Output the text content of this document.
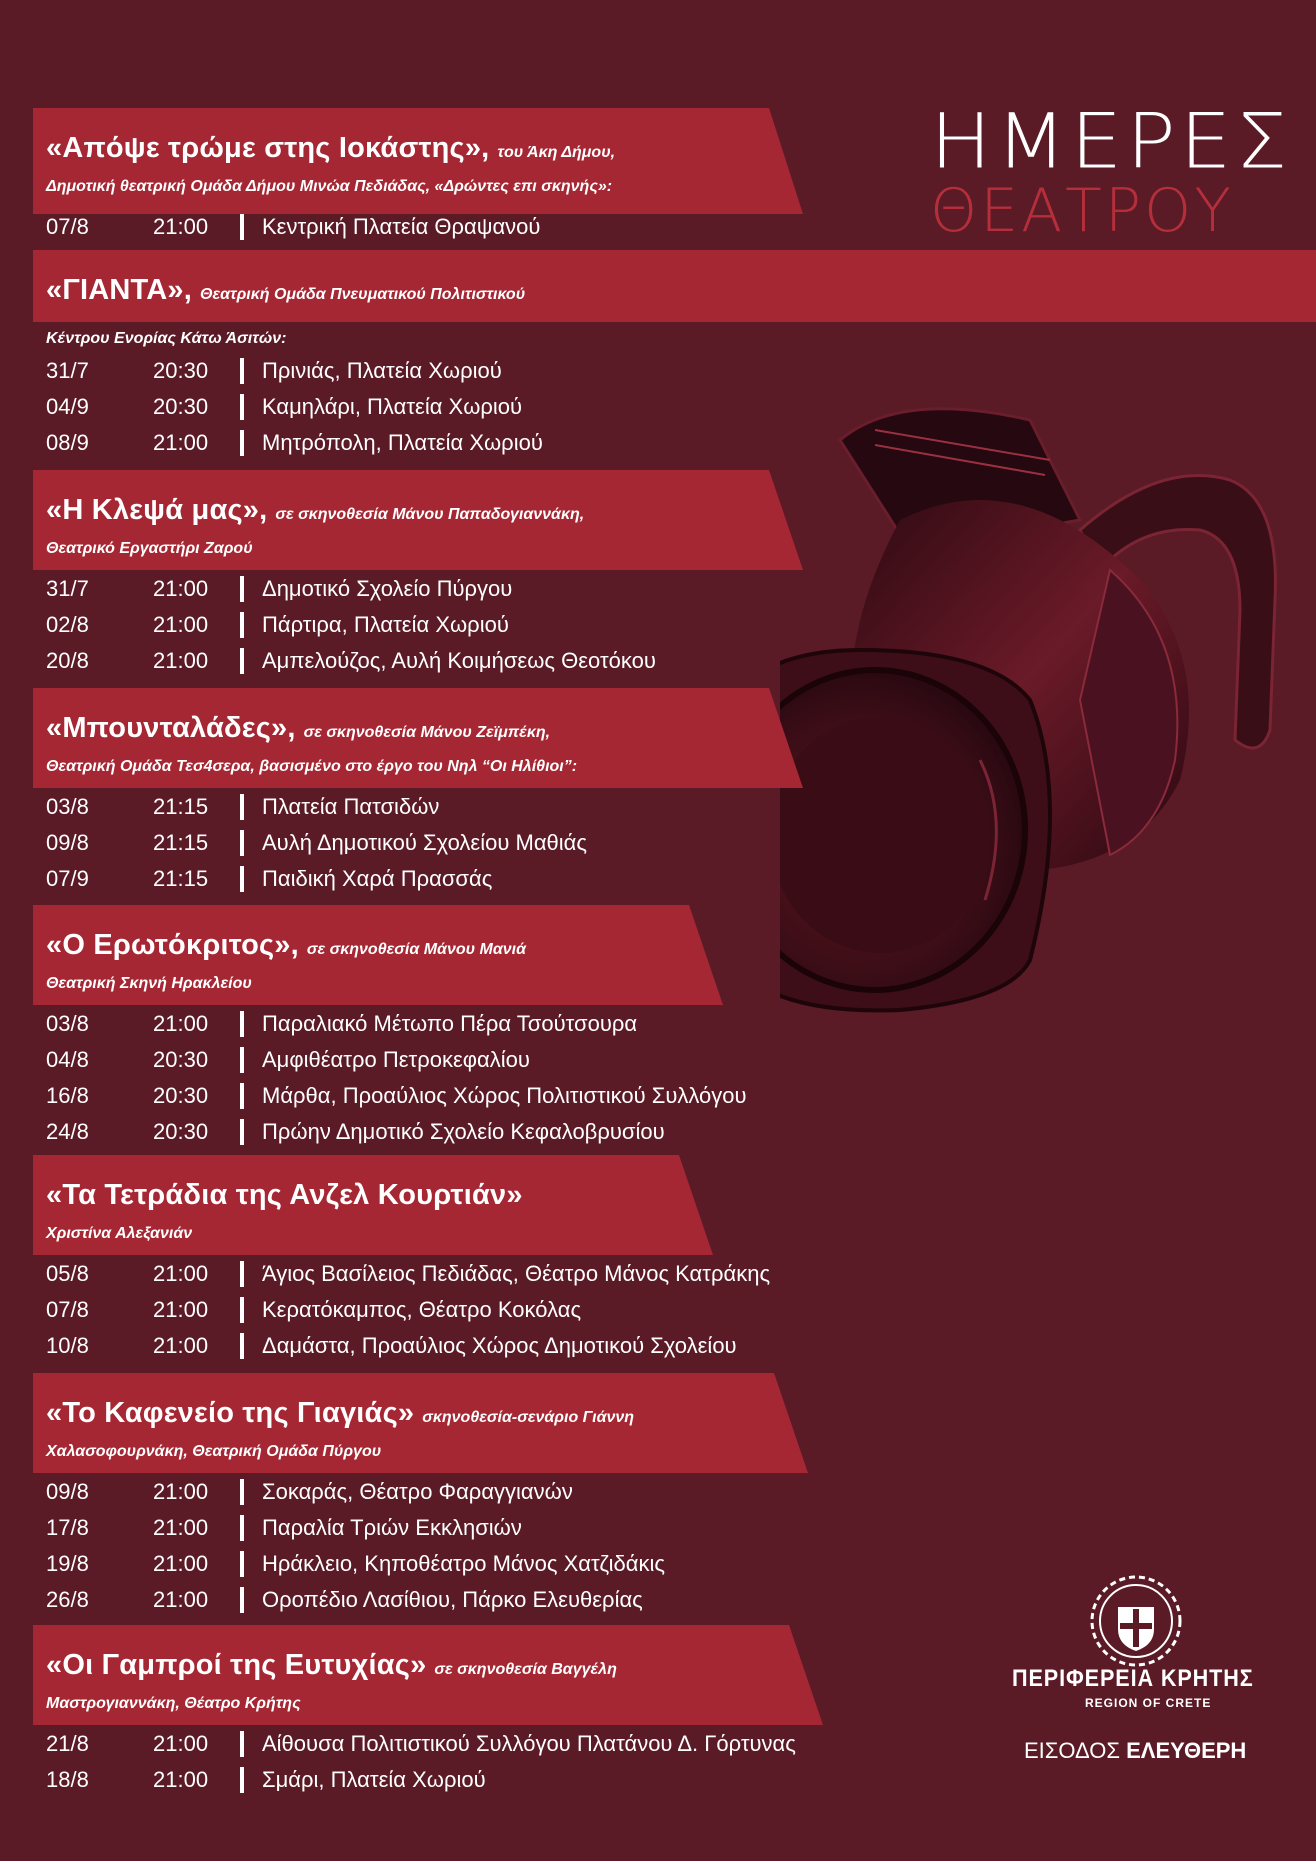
ΗΜΕΡΕΣ
ΘΕΑΤΡΟΥ
«Απόψε τρώμε στης Ιοκάστης», του Άκη Δήμου,
Δημοτική θεατρική Ομάδα Δήμου Μινώα Πεδιάδας, «Δρώντες επι σκηνής»:
07/8	21:00 Κεντρική Πλατεία Θραψανού
«ΓΙΑΝΤΑ», Θεατρική Ομάδα Πνευματικού Πολιτιστικού
Κέντρου Ενορίας Κάτω Άσιτών:
31/7	20:30 Πρινιάς, Πλατεία Χωριού
04/9	20:30 Καμηλάρι, Πλατεία Χωριού
08/9	21:00 Μητρόπολη, Πλατεία Χωριού
«Η Κλεψά μας», σε σκηνοθεσία Μάνου Παπαδογιαννάκη,
Θεατρικό Εργαστήρι Ζαρού
31/7	21:00 Δημοτικό Σχολείο Πύργου
02/8	21:00 Πάρτιρα, Πλατεία Χωριού
20/8	21:00 Αμπελούζος, Αυλή Κοιμήσεως Θεοτόκου
«Μπουνταλάδες», σε σκηνοθεσία Μάνου Ζεϊμπέκη,
Θεατρική Ομάδα Τεσ4σερα, βασισμένο στο έργο του Νηλ “Οι Ηλίθιοι”:
03/8	21:15 Πλατεία Πατσιδών
09/8	21:15 Αυλή Δημοτικού Σχολείου Μαθιάς
07/9	21:15 Παιδική Χαρά Πρασσάς
«Ο Ερωτόκριτος», σε σκηνοθεσία Μάνου Μανιά
Θεατρική Σκηνή Ηρακλείου
03/8	21:00 Παραλιακό Μέτωπο Πέρα Τσούτσουρα
04/8	20:30 Αμφιθέατρο Πετροκεφαλίου
16/8	20:30 Μάρθα, Προαύλιος Χώρος Πολιτιστικού Συλλόγου
24/8	20:30 Πρώην Δημοτικό Σχολείο Κεφαλοβρυσίου
«Τα Τετράδια της Ανζελ Κουρτιάν»
Χριστίνα Αλεξανιάν
05/8	21:00 Άγιος Βασίλειος Πεδιάδας, Θέατρο Μάνος Κατράκης
07/8	21:00 Κερατόκαμπος, Θέατρο Κοκόλας
10/8	21:00 Δαμάστα, Προαύλιος Χώρος Δημοτικού Σχολείου
«Το Καφενείο της Γιαγιάς» σκηνοθεσία-σενάριο Γιάννη
Χαλασοφουρνάκη, Θεατρική Ομάδα Πύργου
09/8	21:00 Σοκαράς, Θέατρο Φαραγγιανών
17/8	21:00 Παραλία Τριών Εκκλησιών
19/8	21:00 Ηράκλειο, Κηποθέατρο Μάνος Χατζιδάκις
26/8	21:00 Οροπέδιο Λασίθιου, Πάρκο Ελευθερίας
«Οι Γαμπροί της Ευτυχίας» σε σκηνοθεσία Βαγγέλη
Μαστρογιαννάκη, Θέατρο Κρήτης
21/8	21:00 Αίθουσα Πολιτιστικού Συλλόγου Πλατάνου Δ. Γόρτυνας
18/8	21:00 Σμάρι, Πλατεία Χωριού
ΠΕΡΙΦΕΡΕΙΑ ΚΡΗΤΗΣ
REGION OF CRETE
ΕΙΣΟΔΟΣ ΕΛΕΥΘΕΡΗ
